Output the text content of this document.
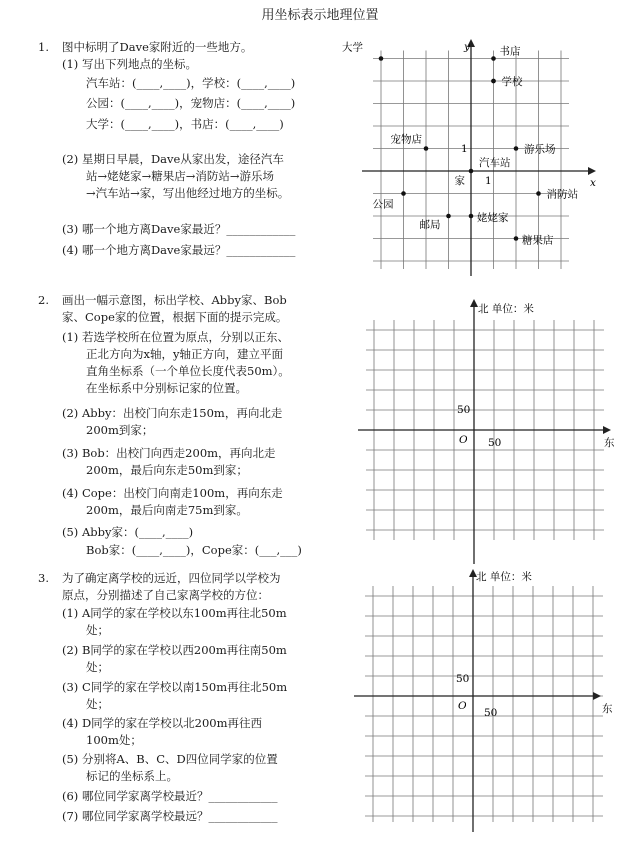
用坐标表示地理位置
1. 图中标明了Dave家附近的一些地方。
(1) 写出下列地点的坐标。
汽车站：(____,____)，学校：(____,____)
公园：(____,____)，宠物店：(____,____)
大学：(____,____)，书店：(____,____)
(2) 星期日早晨，Dave从家出发，途径汽车
站→姥姥家→糖果店→消防站→游乐场
→汽车站→家，写出他经过地方的坐标。
(3) 哪一个地方离Dave家最近？____________
(4) 哪一个地方离Dave家最远？____________
y
x
1
1
大学	书店
学校
宠物店
游乐场
汽车站
家
消防站
公园
邮局
姥姥家
糖果店
2. 画出一幅示意图，标出学校、Abby家、Bob
家、Cope家的位置，根据下面的提示完成。
(1) 若选学校所在位置为原点，分别以正东、
正北方向为x轴，y轴正方向，建立平面
直角坐标系（一个单位长度代表50m）。
在坐标系中分别标记家的位置。
(2) Abby：出校门向东走150m，再向北走
200m到家；
(3) Bob：出校门向西走200m，再向北走
200m，最后向东走50m到家；
(4) Cope：出校门向南走100m，再向东走
200m，最后向南走75m到家。
(5) Abby家：(____,____)
Bob家：(____,____)，Cope家：(___,___)
北 单位：米
东
O
50
50
3. 为了确定离学校的远近，四位同学以学校为
原点，分别描述了自己家离学校的方位：
(1) A同学的家在学校以东100m再往北50m
处；
(2) B同学的家在学校以西200m再往南50m
处；
(3) C同学的家在学校以南150m再往北50m
处；
(4) D同学的家在学校以北200m再往西
100m处；
(5) 分别将A、B、C、D四位同学家的位置
标记的坐标系上。
(6) 哪位同学家离学校最近？____________
(7) 哪位同学家离学校最远？____________
北 单位：米
东
O
50
50
